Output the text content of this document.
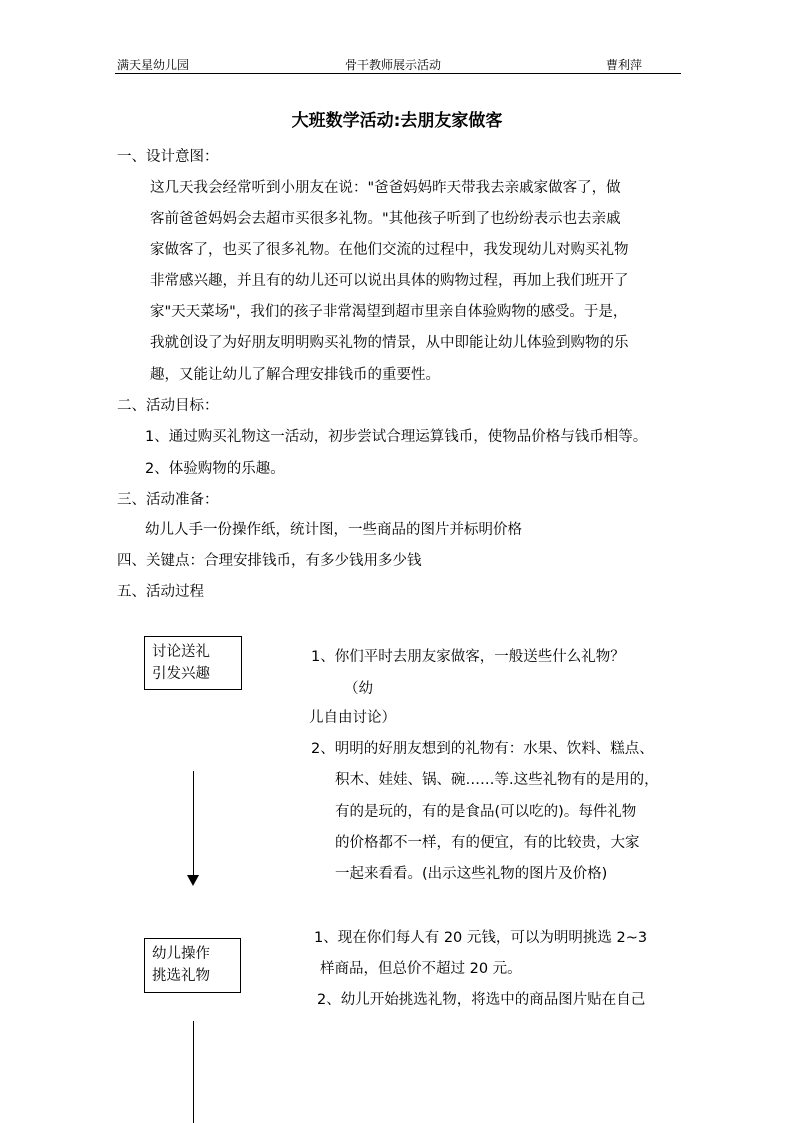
满天星幼儿园	骨干教师展示活动	曹利萍
大班数学活动:去朋友家做客
一、设计意图：
这几天我会经常听到小朋友在说："爸爸妈妈昨天带我去亲戚家做客了，做
客前爸爸妈妈会去超市买很多礼物。"其他孩子听到了也纷纷表示也去亲戚
家做客了，也买了很多礼物。在他们交流的过程中，我发现幼儿对购买礼物
非常感兴趣，并且有的幼儿还可以说出具体的购物过程，再加上我们班开了
家"天天菜场"，我们的孩子非常渴望到超市里亲自体验购物的感受。于是，
我就创设了为好朋友明明购买礼物的情景，从中即能让幼儿体验到购物的乐
趣，又能让幼儿了解合理安排钱币的重要性。
二、活动目标：
1、通过购买礼物这一活动，初步尝试合理运算钱币，使物品价格与钱币相等。
2、体验购物的乐趣。
三、活动准备：
幼儿人手一份操作纸，统计图，一些商品的图片并标明价格
四、关键点：合理安排钱币，有多少钱用多少钱
五、活动过程
讨论送礼
引发兴趣
1、你们平时去朋友家做客，一般送些什么礼物？
（幼
儿自由讨论）
2、明明的好朋友想到的礼物有：水果、饮料、糕点、
积木、娃娃、锅、碗……等.这些礼物有的是用的，
有的是玩的，有的是食品(可以吃的)。每件礼物
的价格都不一样，有的便宜，有的比较贵，大家
一起来看看。(出示这些礼物的图片及价格)
幼儿操作
挑选礼物
1、现在你们每人有 20 元钱，可以为明明挑选 2~3
样商品，但总价不超过 20 元。
2、幼儿开始挑选礼物，将选中的商品图片贴在自己
